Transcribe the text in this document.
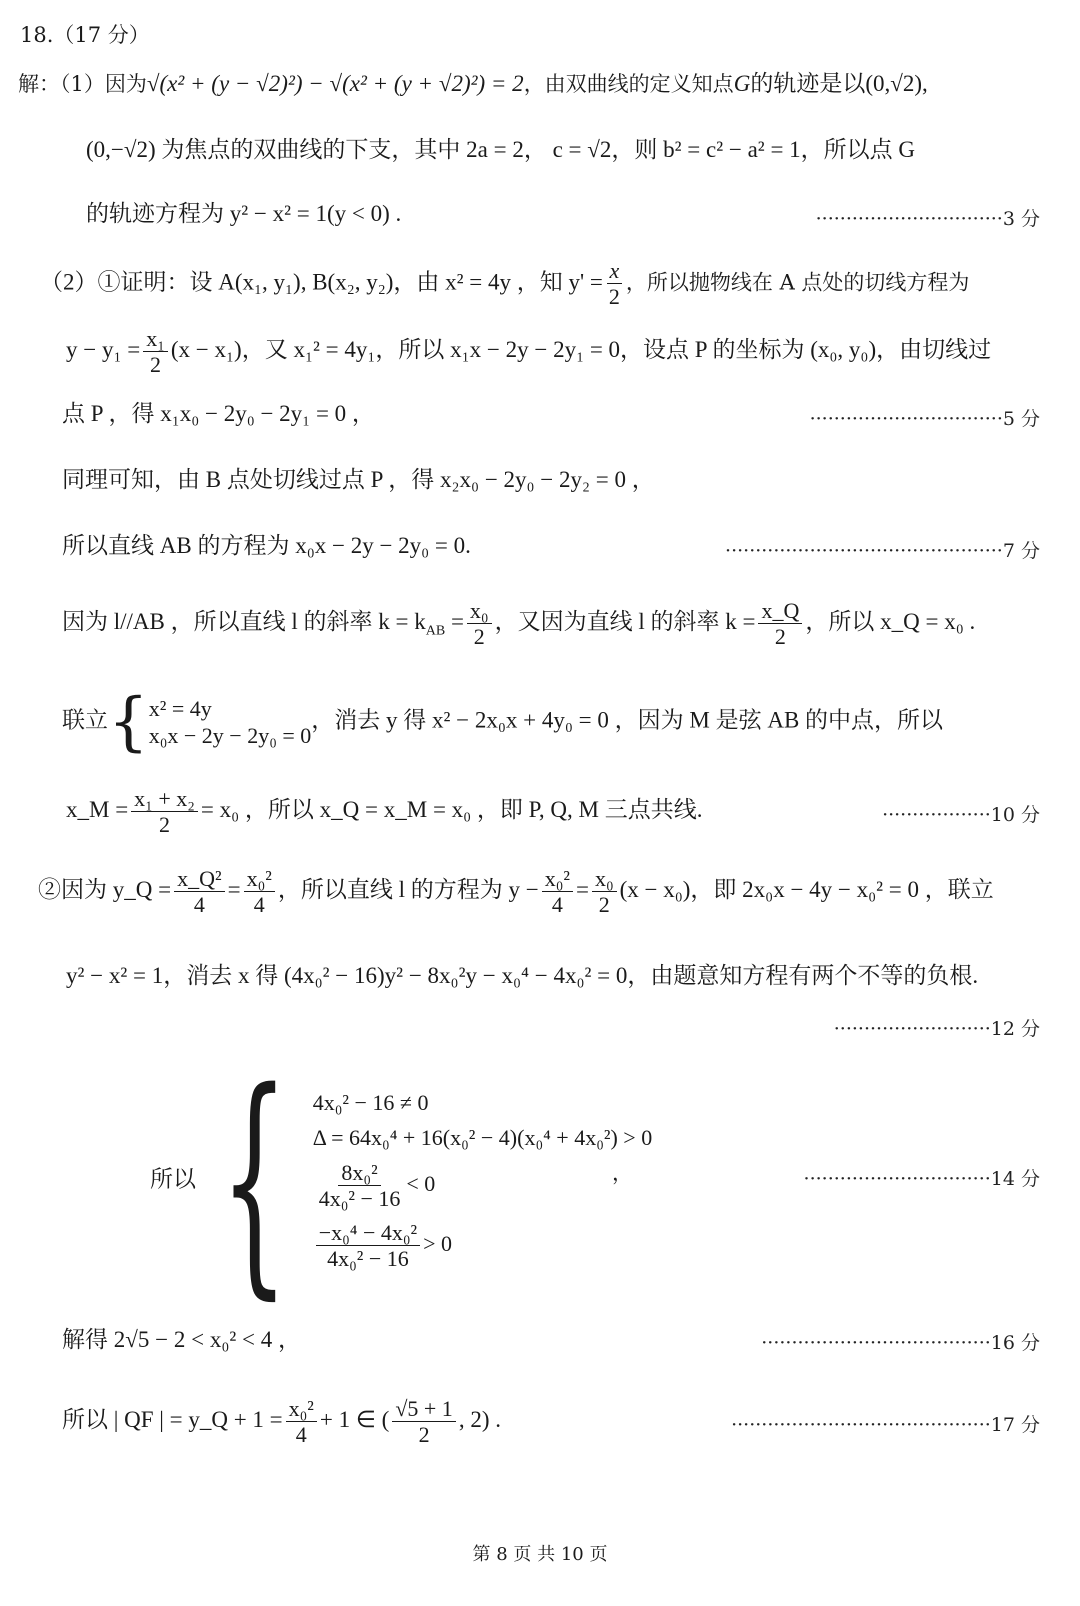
18.（17 分）
解：（1）因为√(x² + (y − √2)²) − √(x² + (y + √2)²) = 2，由双曲线的定义知点G的轨迹是以(0,√2),
(0,−√2) 为焦点的双曲线的下支，其中 2a = 2， c = √2，则 b² = c² − a² = 1，所以点 G
的轨迹方程为 y² − x² = 1(y < 0) .	·······························3 分
（2）①证明：设 A(x₁, y₁), B(x₂, y₂)，由 x² = 4y ，知 $y' = \frac{x}{2}$ ，所以抛物线在 A 点处的切线方程为
$y - y_1 = \frac{\text{x₁}}{2} (x - x_1)$，又 x₁² = 4y₁，所以 x₁x − 2y − 2y₁ = 0，设点 P 的坐标为 (x₀, y₀)，由切线过
点 P ，得 x₁x₀ − 2y₀ − 2y₁ = 0 ，	································5 分
同理可知，由 B 点处切线过点 P ，得 x₂x₀ − 2y₀ − 2y₂ = 0 ，
所以直线 AB 的方程为 x₀x − 2y − 2y₀ = 0.	··············································7 分
因为 l//AB ，所以直线 l 的斜率 $k = k_{AB} = \frac{\text{x₀}}{2}$ ，又因为直线 l 的斜率 $k = \frac{x\_Q}{2}$ ，所以 x_Q = x₀ .
联立 { x² = 4y
x₀x − 2y − 2y₀ = 0
，消去 y 得 x² − 2x₀x + 4y₀ = 0 ，因为 M 是弦 AB 的中点，所以
x_M = $\frac{\text{x₁ + x₂}}{2} = x_0$ ，所以 x_Q = x_M = x₀ ，即 P, Q, M 三点共线.	··················10 分
②因为 y_Q = $\frac{\text{x\_Q²}}{4} = \frac{\text{x₀²}}{4}$ ，所以直线 l 的方程为 $y - \frac{\text{x₀²}}{4} = \frac{\text{x₀}}{2} (x - x_0)$，即 2x₀x − 4y − x₀² = 0 ，联立
y² − x² = 1，消去 x 得 (4x₀² − 16)y² − 8x₀²y − x₀⁴ − 4x₀² = 0，由题意知方程有两个不等的负根.
··························12 分
所以 { 4x₀² − 16 ≠ 0
Δ = 64x₀⁴ + 16(x₀² − 4)(x₀⁴ + 4x₀²) > 0
$\frac{\text{8x₀²}}{\text{4x₀² − 16}} < 0$
$\frac{\text{−x₀⁴ − 4x₀²}}{\text{4x₀² − 16}} > 0$
，	·······························14 分
解得 2√5 − 2 < x₀² < 4 ，	······································16 分
所以 | QF | = y_Q + $1 = \frac{\text{x₀²}}{4} + 1$ ∈ ( $\frac{√5 + 1}{2}$ , 2) .	···········································17 分
第 8 页 共 10 页
